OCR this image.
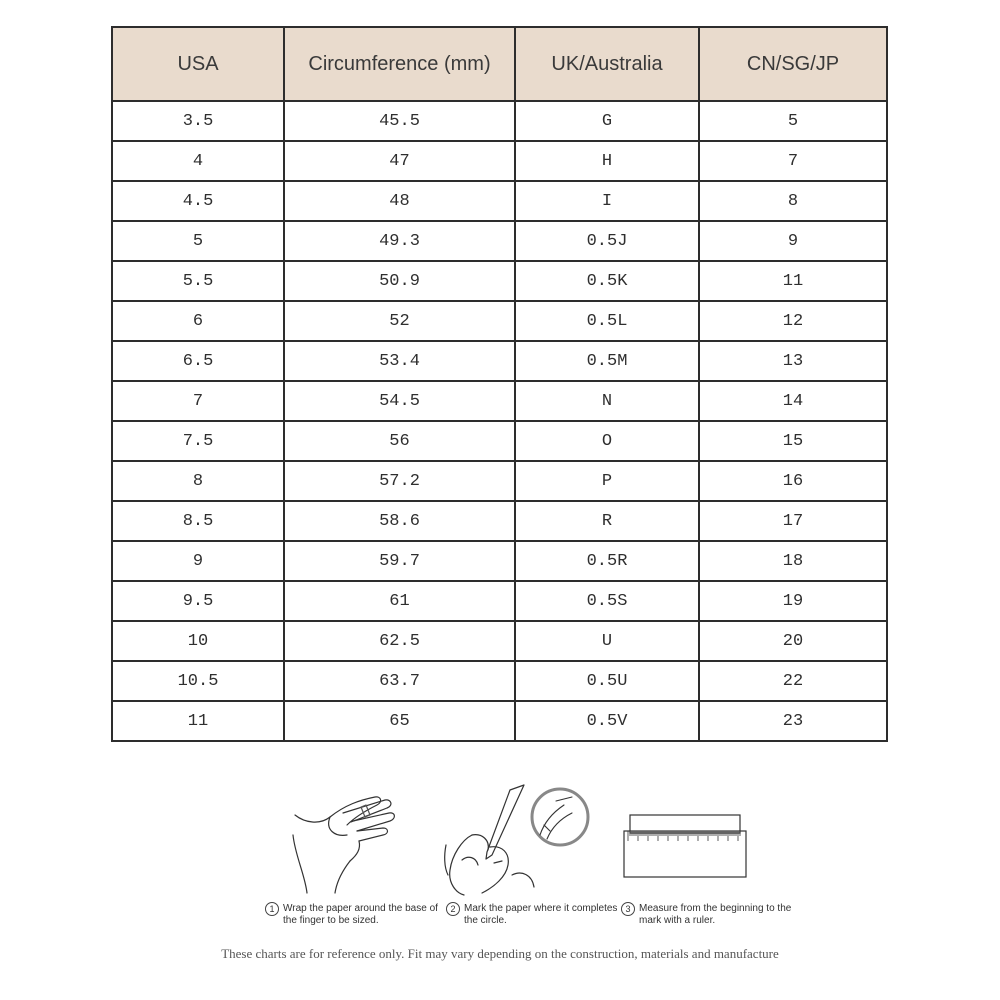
USA	Circumference (mm)	UK/Australia	CN/SG/JP
3.5	45.5	G	5
4	47	H	7
4.5	48	I	8
5	49.3	0.5J	9
5.5	50.9	0.5K	11
6	52	0.5L	12
6.5	53.4	0.5M	13
7	54.5	N	14
7.5	56	O	15
8	57.2	P	16
8.5	58.6	R	17
9	59.7	0.5R	18
9.5	61	0.5S	19
10	62.5	U	20
10.5	63.7	0.5U	22
11	65	0.5V	23
1 Wrap the paper around the base of the finger to be sized.
2 Mark the paper where it completes the circle.
3 Measure from the beginning to the mark with a ruler.
These charts are for reference only. Fit may vary depending on the construction, materials and manufacture
